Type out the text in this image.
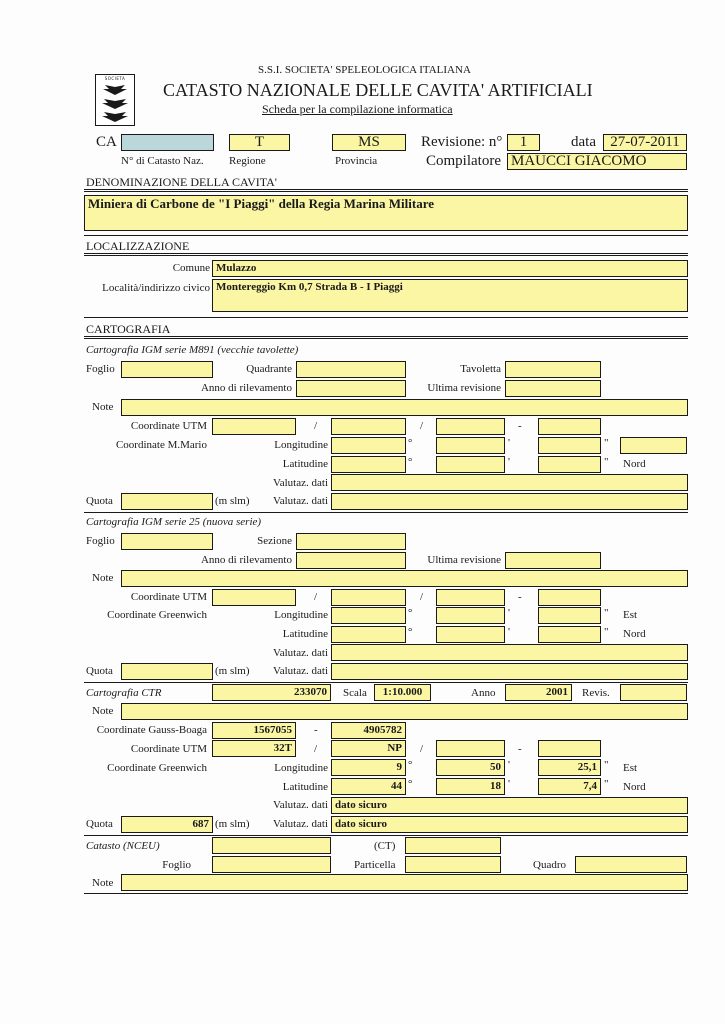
SOCIETA
S.S.I. SOCIETA' SPELEOLOGICA ITALIANA
CATASTO NAZIONALE DELLE CAVITA' ARTIFICIALI
Scheda per la compilazione informatica
CA	T	MS	Revisione: n°	1	data 27-07-2011
N° di Catasto Naz. Regione	Provincia	Compilatore MAUCCI GIACOMO
DENOMINAZIONE DELLA CAVITA'
Miniera di Carbone de "I Piaggi" della Regia Marina Militare
LOCALIZZAZIONE
Comune Mulazzo
Località/indirizzo civico Montereggio Km 0,7 Strada B - I Piaggi
CARTOGRAFIA
Cartografia IGM serie M891 (vecchie tavolette)
Foglio	Quadrante	Tavoletta
Anno di rilevamento	Ultima revisione
Note
Coordinate UTM	/	/	-
Coordinate M.Mario	Longitudine	°	'	"
Latitudine	°	'	" Nord
Valutaz. dati
Quota	(m slm) Valutaz. dati
Cartografia IGM serie 25 (nuova serie)
Foglio	Sezione
Anno di rilevamento	Ultima revisione
Note
Coordinate UTM	/	/	-
Coordinate Greenwich	Longitudine	°	'	" Est
Latitudine	°	'	" Nord
Valutaz. dati
Quota	(m slm) Valutaz. dati
Cartografia CTR	233070	Scala	1:10.000	Anno	2001	Revis.
Note
Coordinate Gauss-Boaga	1567055	-	4905782
Coordinate UTM	32T	/	NP	/	-
Coordinate Greenwich	Longitudine	9 °	50 '	25,1 " Est
Latitudine	44 °	18 '	7,4 " Nord
Valutaz. dati dato sicuro
Quota	687 (m slm) Valutaz. dati dato sicuro
Catasto (NCEU)	(CT)
Foglio	Particella	Quadro
Note
